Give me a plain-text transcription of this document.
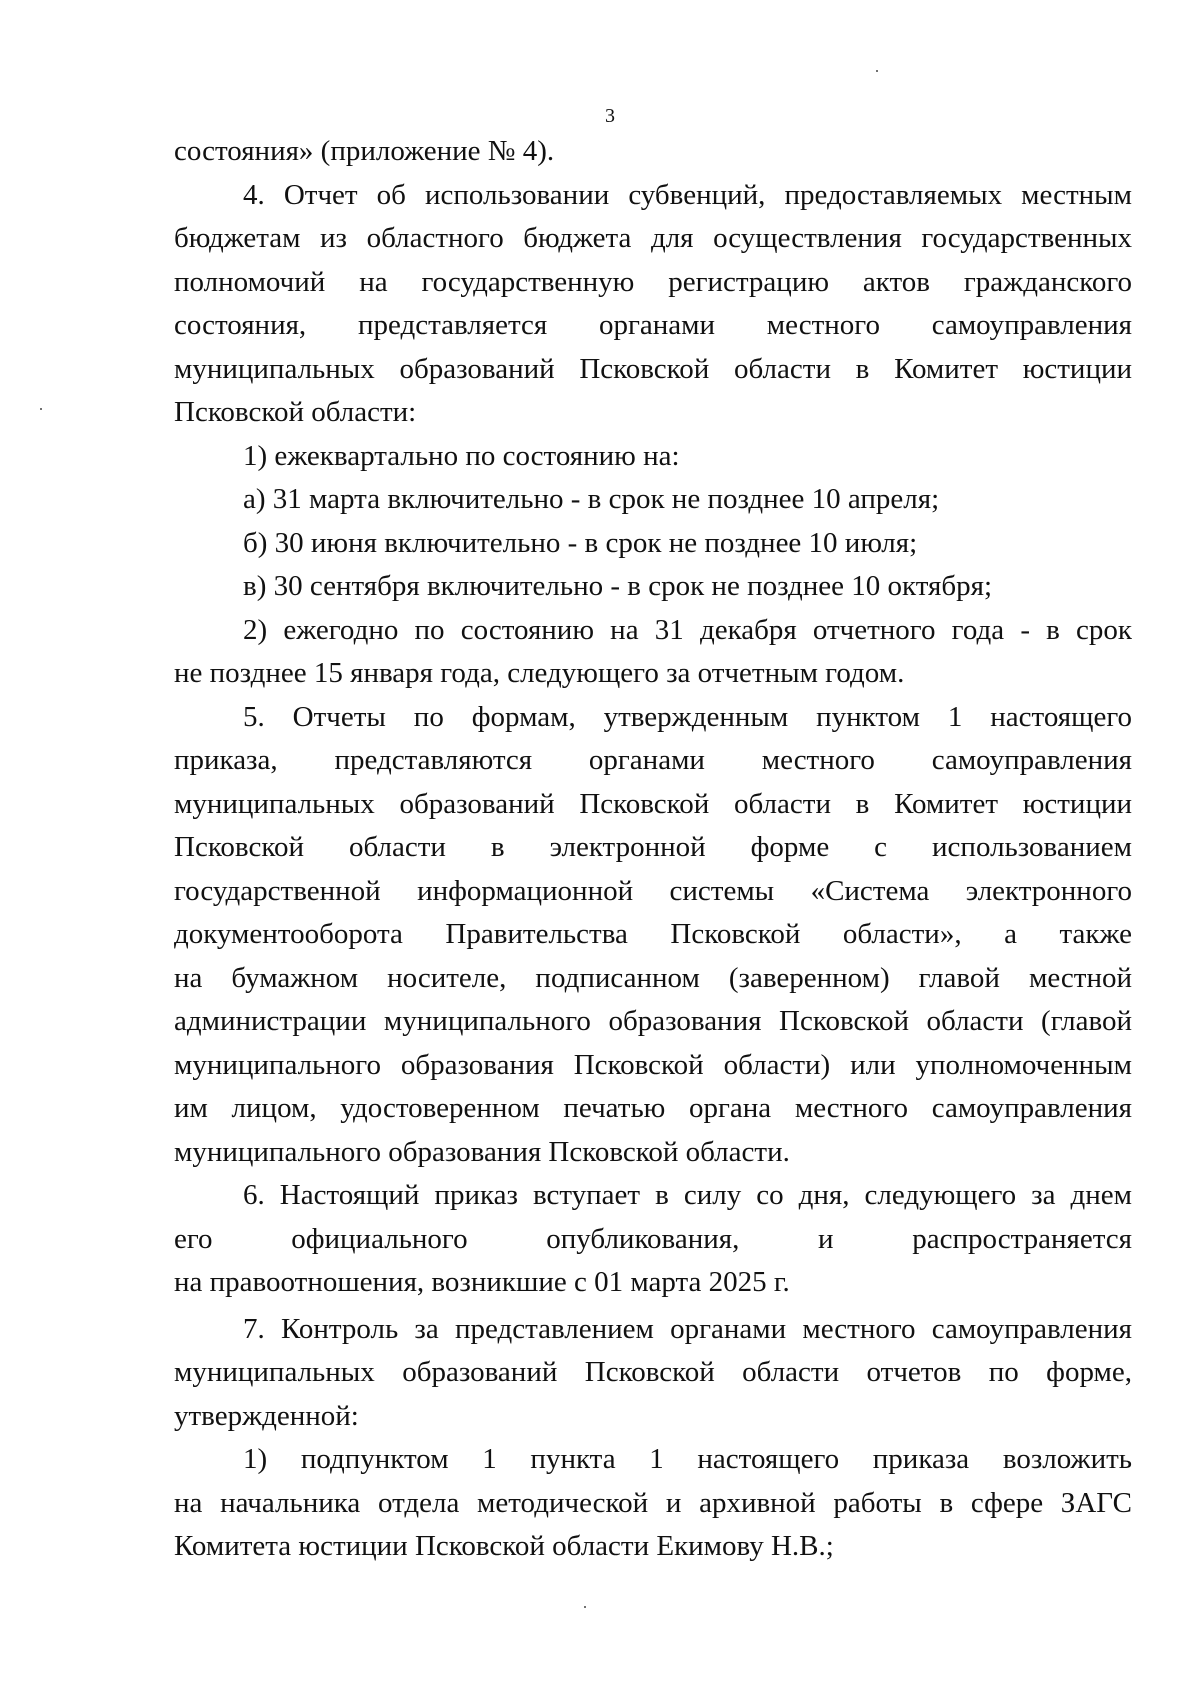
3
состояния» (приложение № 4).
4. Отчет об использовании субвенций, предоставляемых местным
бюджетам из областного бюджета для осуществления государственных
полномочий на государственную регистрацию актов гражданского
состояния, представляется органами местного самоуправления
муниципальных образований Псковской области в Комитет юстиции
Псковской области:
1) ежеквартально по состоянию на:
а) 31 марта включительно - в срок не позднее 10 апреля;
б) 30 июня включительно - в срок не позднее 10 июля;
в) 30 сентября включительно - в срок не позднее 10 октября;
2) ежегодно по состоянию на 31 декабря отчетного года - в срок
не позднее 15 января года, следующего за отчетным годом.
5. Отчеты по формам, утвержденным пунктом 1 настоящего
приказа, представляются органами местного самоуправления
муниципальных образований Псковской области в Комитет юстиции
Псковской области в электронной форме с использованием
государственной информационной системы «Система электронного
документооборота Правительства Псковской области», а также
на бумажном носителе, подписанном (заверенном) главой местной
администрации муниципального образования Псковской области (главой
муниципального образования Псковской области) или уполномоченным
им лицом, удостоверенном печатью органа местного самоуправления
муниципального образования Псковской области.
6. Настоящий приказ вступает в силу со дня, следующего за днем
его официального опубликования, и распространяется
на правоотношения, возникшие с 01 марта 2025 г.
7. Контроль за представлением органами местного самоуправления
муниципальных образований Псковской области отчетов по форме,
утвержденной:
1) подпунктом 1 пункта 1 настоящего приказа возложить
на начальника отдела методической и архивной работы в сфере ЗАГС
Комитета юстиции Псковской области Екимову Н.В.;
